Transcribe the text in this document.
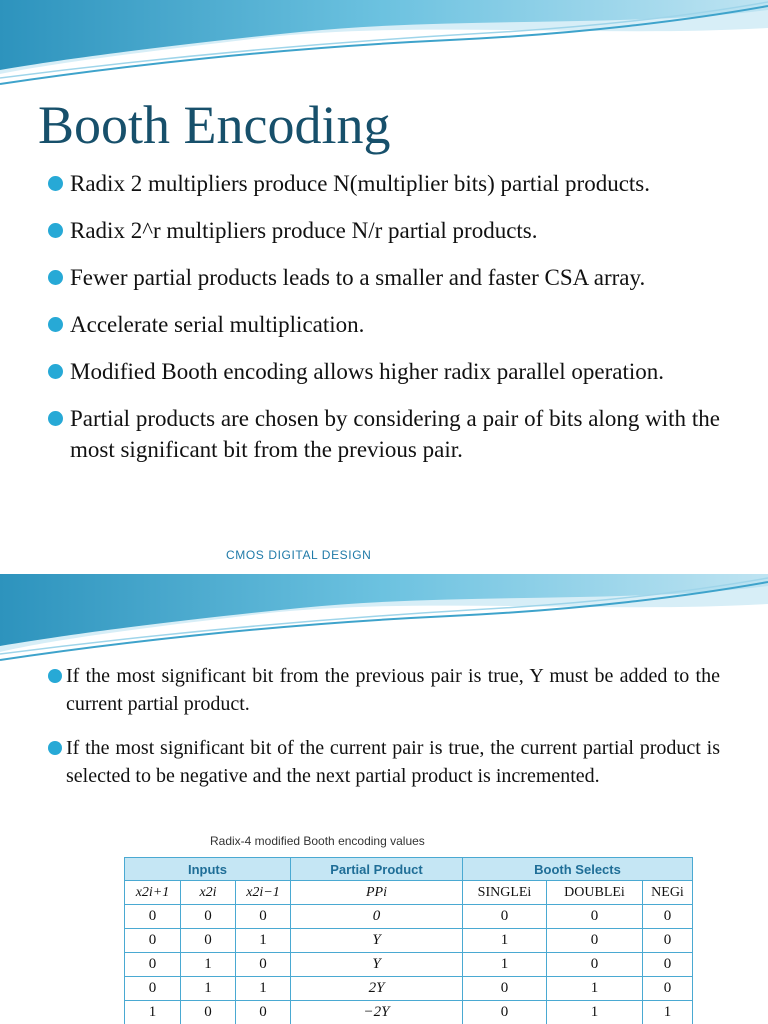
Booth Encoding
Radix 2 multipliers produce N(multiplier bits) partial products.
Radix 2^r multipliers produce N/r partial products.
Fewer partial products leads to a smaller and faster CSA array.
Accelerate serial multiplication.
Modified Booth encoding allows higher radix parallel operation.
Partial products are chosen by considering a pair of bits along with the most significant bit from the previous pair.
CMOS DIGITAL DESIGN
If the most significant bit from the previous pair is true, Y must be added to the current partial product.
If the most significant bit of the current pair is true, the current partial product is selected to be negative and the next partial product is incremented.
Radix-4 modified Booth encoding values
Inputs			Partial Product	Booth Selects		
x2i+1	x2i	x2i−1	PPi	SINGLEi	DOUBLEi	NEGi
0	0	0	0	0	0	0
0	0	1	Y	1	0	0
0	1	0	Y	1	0	0
0	1	1	2Y	0	1	0
1	0	0	−2Y	0	1	1
